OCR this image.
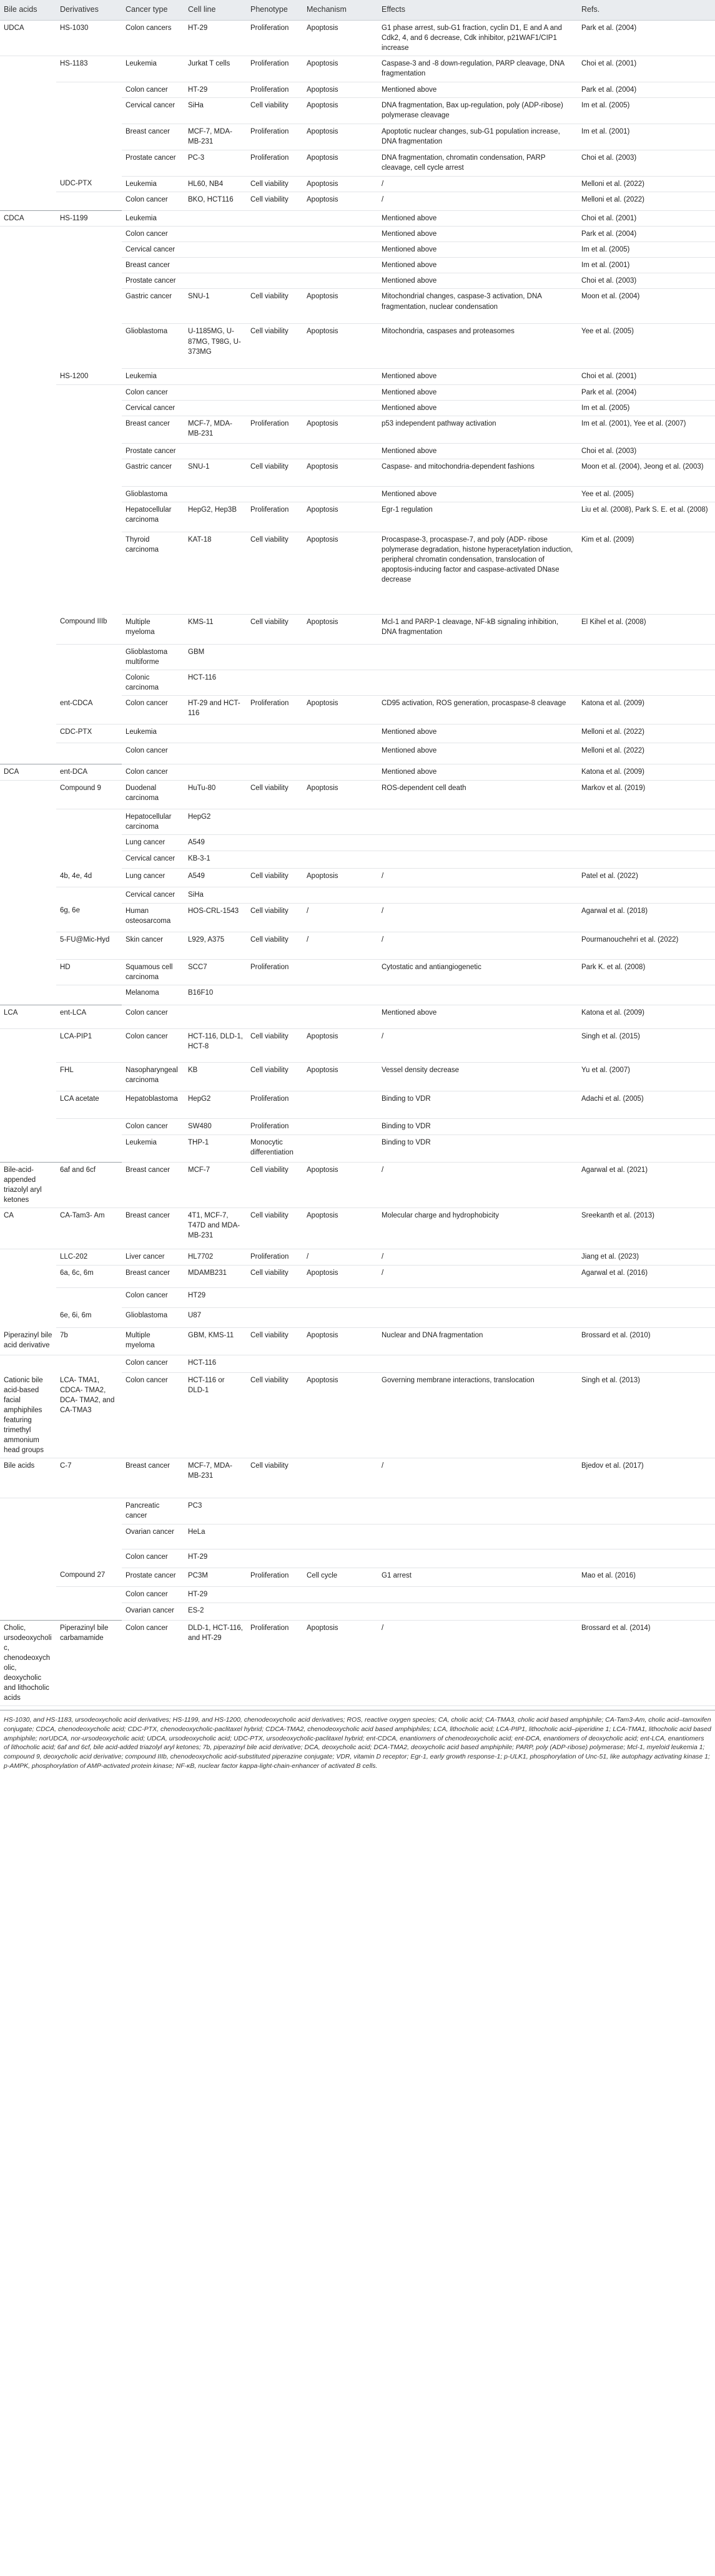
Bile acids	Derivatives	Cancer type	Cell line	Phenotype	Mechanism	Effects	Refs.
UDCA	HS-1030	Colon cancers	HT-29	Proliferation	Apoptosis	G1 phase arrest, sub-G1 fraction, cyclin D1, E and A and Cdk2, 4, and 6 decrease, Cdk inhibitor, p21WAF1/CIP1 increase	Park et al. (2004)
	HS-1183	Leukemia	Jurkat T cells	Proliferation	Apoptosis	Caspase-3 and -8 down-regulation, PARP cleavage, DNA fragmentation	Choi et al. (2001)
		Colon cancer	HT-29	Proliferation	Apoptosis	Mentioned above	Park et al. (2004)
		Cervical cancer	SiHa	Cell viability	Apoptosis	DNA fragmentation, Bax up-regulation, poly (ADP-ribose) polymerase cleavage	Im et al. (2005)
		Breast cancer	MCF-7, MDA-MB-231	Proliferation	Apoptosis	Apoptotic nuclear changes, sub-G1 population increase, DNA fragmentation	Im et al. (2001)
		Prostate cancer	PC-3	Proliferation	Apoptosis	DNA fragmentation, chromatin condensation, PARP cleavage, cell cycle arrest	Choi et al. (2003)
	UDC-PTX	Leukemia	HL60, NB4	Cell viability	Apoptosis	/	Melloni et al. (2022)
		Colon cancer	BKO, HCT116	Cell viability	Apoptosis	/	Melloni et al. (2022)
CDCA	HS-1199	Leukemia				Mentioned above	Choi et al. (2001)
		Colon cancer				Mentioned above	Park et al. (2004)
		Cervical cancer				Mentioned above	Im et al. (2005)
		Breast cancer				Mentioned above	Im et al. (2001)
		Prostate cancer				Mentioned above	Choi et al. (2003)
		Gastric cancer	SNU-1	Cell viability	Apoptosis	Mitochondrial changes, caspase-3 activation, DNA fragmentation, nuclear condensation	Moon et al. (2004)
		Glioblastoma	U-1185MG, U-87MG, T98G, U-373MG	Cell viability	Apoptosis	Mitochondria, caspases and proteasomes	Yee et al. (2005)
	HS-1200	Leukemia				Mentioned above	Choi et al. (2001)
		Colon cancer				Mentioned above	Park et al. (2004)
		Cervical cancer				Mentioned above	Im et al. (2005)
		Breast cancer	MCF-7, MDA-MB-231	Proliferation	Apoptosis	p53 independent pathway activation	Im et al. (2001), Yee et al. (2007)
		Prostate cancer				Mentioned above	Choi et al. (2003)
		Gastric cancer	SNU-1	Cell viability	Apoptosis	Caspase- and mitochondria-dependent fashions	Moon et al. (2004), Jeong et al. (2003)
		Glioblastoma				Mentioned above	Yee et al. (2005)
		Hepatocellular carcinoma	HepG2, Hep3B	Proliferation	Apoptosis	Egr-1 regulation	Liu et al. (2008), Park S. E. et al. (2008)
		Thyroid carcinoma	KAT-18	Cell viability	Apoptosis	Procaspase-3, procaspase-7, and poly (ADP- ribose polymerase degradation, histone hyperacetylation induction, peripheral chromatin condensation, translocation of apoptosis-inducing factor and caspase-activated DNase decrease	Kim et al. (2009)
	Compound IIIb	Multiple myeloma	KMS-11	Cell viability	Apoptosis	Mcl-1 and PARP-1 cleavage, NF-kB signaling inhibition, DNA fragmentation	El Kihel et al. (2008)
		Glioblastoma multiforme	GBM				
		Colonic carcinoma	HCT-116				
	ent-CDCA	Colon cancer	HT-29 and HCT-116	Proliferation	Apoptosis	CD95 activation, ROS generation, procaspase-8 cleavage	Katona et al. (2009)
	CDC-PTX	Leukemia				Mentioned above	Melloni et al. (2022)
		Colon cancer				Mentioned above	Melloni et al. (2022)
DCA	ent-DCA	Colon cancer				Mentioned above	Katona et al. (2009)
	Compound 9	Duodenal carcinoma	HuTu-80	Cell viability	Apoptosis	ROS-dependent cell death	Markov et al. (2019)
		Hepatocellular carcinoma	HepG2				
		Lung cancer	A549				
		Cervical cancer	KB-3-1				
	4b, 4e, 4d	Lung cancer	A549	Cell viability	Apoptosis	/	Patel et al. (2022)
		Cervical cancer	SiHa				
	6g, 6e	Human osteosarcoma	HOS-CRL-1543	Cell viability	/	/	Agarwal et al. (2018)
	5-FU@Mic-Hyd	Skin cancer	L929, A375	Cell viability	/	/	Pourmanouchehri et al. (2022)
	HD	Squamous cell carcinoma	SCC7	Proliferation		Cytostatic and antiangiogenetic	Park K. et al. (2008)
		Melanoma	B16F10				
LCA	ent-LCA	Colon cancer				Mentioned above	Katona et al. (2009)
	LCA-PIP1	Colon cancer	HCT-116, DLD-1, HCT-8	Cell viability	Apoptosis	/	Singh et al. (2015)
	FHL	Nasopharyngeal carcinoma	KB	Cell viability	Apoptosis	Vessel density decrease	Yu et al. (2007)
	LCA acetate	Hepatoblastoma	HepG2	Proliferation		Binding to VDR	Adachi et al. (2005)
		Colon cancer	SW480	Proliferation		Binding to VDR	
		Leukemia	THP-1	Monocytic differentiation		Binding to VDR	
Bile-acid-appended triazolyl aryl ketones	6af and 6cf	Breast cancer	MCF-7	Cell viability	Apoptosis	/	Agarwal et al. (2021)
CA	CA-Tam3- Am	Breast cancer	4T1, MCF-7, T47D and MDA-MB-231	Cell viability	Apoptosis	Molecular charge and hydrophobicity	Sreekanth et al. (2013)
	LLC-202	Liver cancer	HL7702	Proliferation	/	/	Jiang et al. (2023)
	6a, 6c, 6m	Breast cancer	MDAMB231	Cell viability	Apoptosis	/	Agarwal et al. (2016)
		Colon cancer	HT29				
	6e, 6i, 6m	Glioblastoma	U87				
Piperazinyl bile acid derivative	7b	Multiple myeloma	GBM, KMS-11	Cell viability	Apoptosis	Nuclear and DNA fragmentation	Brossard et al. (2010)
		Colon cancer	HCT-116				
Cationic bile acid-based facial amphiphiles featuring trimethyl ammonium head groups	LCA- TMA1, CDCA- TMA2, DCA- TMA2, and CA-TMA3	Colon cancer	HCT-116 or DLD-1	Cell viability	Apoptosis	Governing membrane interactions, translocation	Singh et al. (2013)
Bile acids	C-7	Breast cancer	MCF-7, MDA-MB-231	Cell viability		/	Bjedov et al. (2017)
		Pancreatic cancer	PC3				
		Ovarian cancer	HeLa				
		Colon cancer	HT-29				
	Compound 27	Prostate cancer	PC3M	Proliferation	Cell cycle	G1 arrest	Mao et al. (2016)
		Colon cancer	HT-29				
		Ovarian cancer	ES-2				
Cholic, ursodeoxycholic, chenodeoxycholic, deoxycholic and lithocholic acids	Piperazinyl bile carbamamide	Colon cancer	DLD-1, HCT-116, and HT-29	Proliferation	Apoptosis	/	Brossard et al. (2014)
HS-1030, and HS-1183, ursodeoxycholic acid derivatives; HS-1199, and HS-1200, chenodeoxycholic acid derivatives; ROS, reactive oxygen species; CA, cholic acid; CA-TMA3, cholic acid based amphiphile; CA-Tam3-Am, cholic acid–tamoxifen conjugate; CDCA, chenodeoxycholic acid; CDC-PTX, chenodeoxycholic-paclitaxel hybrid; CDCA-TMA2, chenodeoxycholic acid based amphiphiles; LCA, lithocholic acid; LCA-PIP1, lithocholic acid–piperidine 1; LCA-TMA1, lithocholic acid based amphiphile; norUDCA, nor-ursodeoxycholic acid; UDCA, ursodeoxycholic acid; UDC-PTX, ursodeoxycholic-paclitaxel hybrid; ent-CDCA, enantiomers of chenodeoxycholic acid; ent-DCA, enantiomers of deoxycholic acid; ent-LCA, enantiomers of lithocholic acid; 6af and 6cf, bile acid-added triazolyl aryl ketones; 7b, piperazinyl bile acid derivative; DCA, deoxycholic acid; DCA-TMA2, deoxycholic acid based amphiphile; PARP, poly (ADP-ribose) polymerase; Mcl-1, myeloid leukemia 1; compound 9, deoxycholic acid derivative; compound IIIb, chenodeoxycholic acid-substituted piperazine conjugate; VDR, vitamin D receptor; Egr-1, early growth response-1; p-ULK1, phosphorylation of Unc-51, like autophagy activating kinase 1; p-AMPK, phosphorylation of AMP-activated protein kinase; NF-κB, nuclear factor kappa-light-chain-enhancer of activated B cells.
